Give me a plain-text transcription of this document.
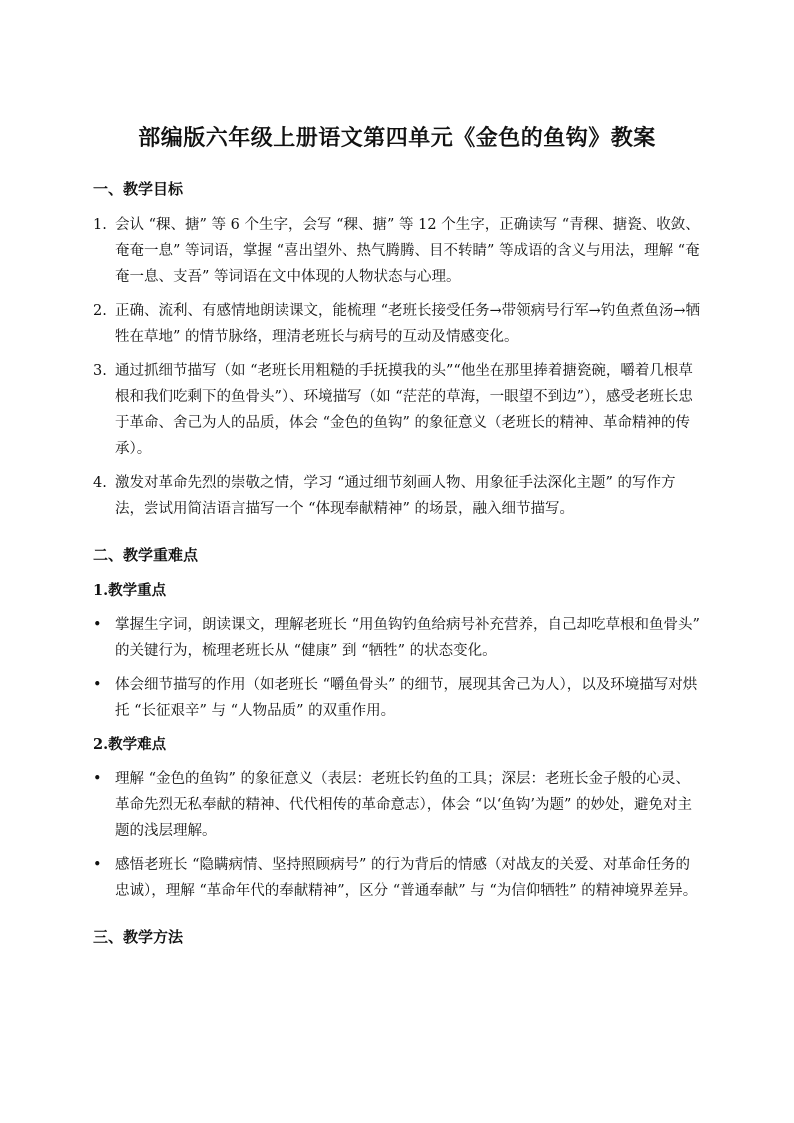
部编版六年级上册语文第四单元《金色的鱼钩》教案
一、教学目标
1. 会认 “稞、搪” 等 6 个生字，会写 “稞、搪” 等 12 个生字，正确读写 “青稞、搪瓷、收敛、奄奄一息” 等词语，掌握 “喜出望外、热气腾腾、目不转睛” 等成语的含义与用法，理解 “奄奄一息、支吾” 等词语在文中体现的人物状态与心理。
2. 正确、流利、有感情地朗读课文，能梳理 “老班长接受任务→带领病号行军→钓鱼煮鱼汤→牺牲在草地” 的情节脉络，理清老班长与病号的互动及情感变化。
3. 通过抓细节描写（如 “老班长用粗糙的手抚摸我的头”“他坐在那里捧着搪瓷碗，嚼着几根草根和我们吃剩下的鱼骨头”）、环境描写（如 “茫茫的草海，一眼望不到边”），感受老班长忠于革命、舍己为人的品质，体会 “金色的鱼钩” 的象征意义（老班长的精神、革命精神的传承）。
4. 激发对革命先烈的崇敬之情，学习 “通过细节刻画人物、用象征手法深化主题” 的写作方法，尝试用简洁语言描写一个 “体现奉献精神” 的场景，融入细节描写。
二、教学重难点
1.教学重点
• 掌握生字词，朗读课文，理解老班长 “用鱼钩钓鱼给病号补充营养，自己却吃草根和鱼骨头” 的关键行为，梳理老班长从 “健康” 到 “牺牲” 的状态变化。
• 体会细节描写的作用（如老班长 “嚼鱼骨头” 的细节，展现其舍己为人），以及环境描写对烘托 “长征艰辛” 与 “人物品质” 的双重作用。
2.教学难点
• 理解 “金色的鱼钩” 的象征意义（表层：老班长钓鱼的工具；深层：老班长金子般的心灵、革命先烈无私奉献的精神、代代相传的革命意志），体会 “以‘鱼钩’为题” 的妙处，避免对主题的浅层理解。
• 感悟老班长 “隐瞒病情、坚持照顾病号” 的行为背后的情感（对战友的关爱、对革命任务的忠诚），理解 “革命年代的奉献精神”，区分 “普通奉献” 与 “为信仰牺牲” 的精神境界差异。
三、教学方法
